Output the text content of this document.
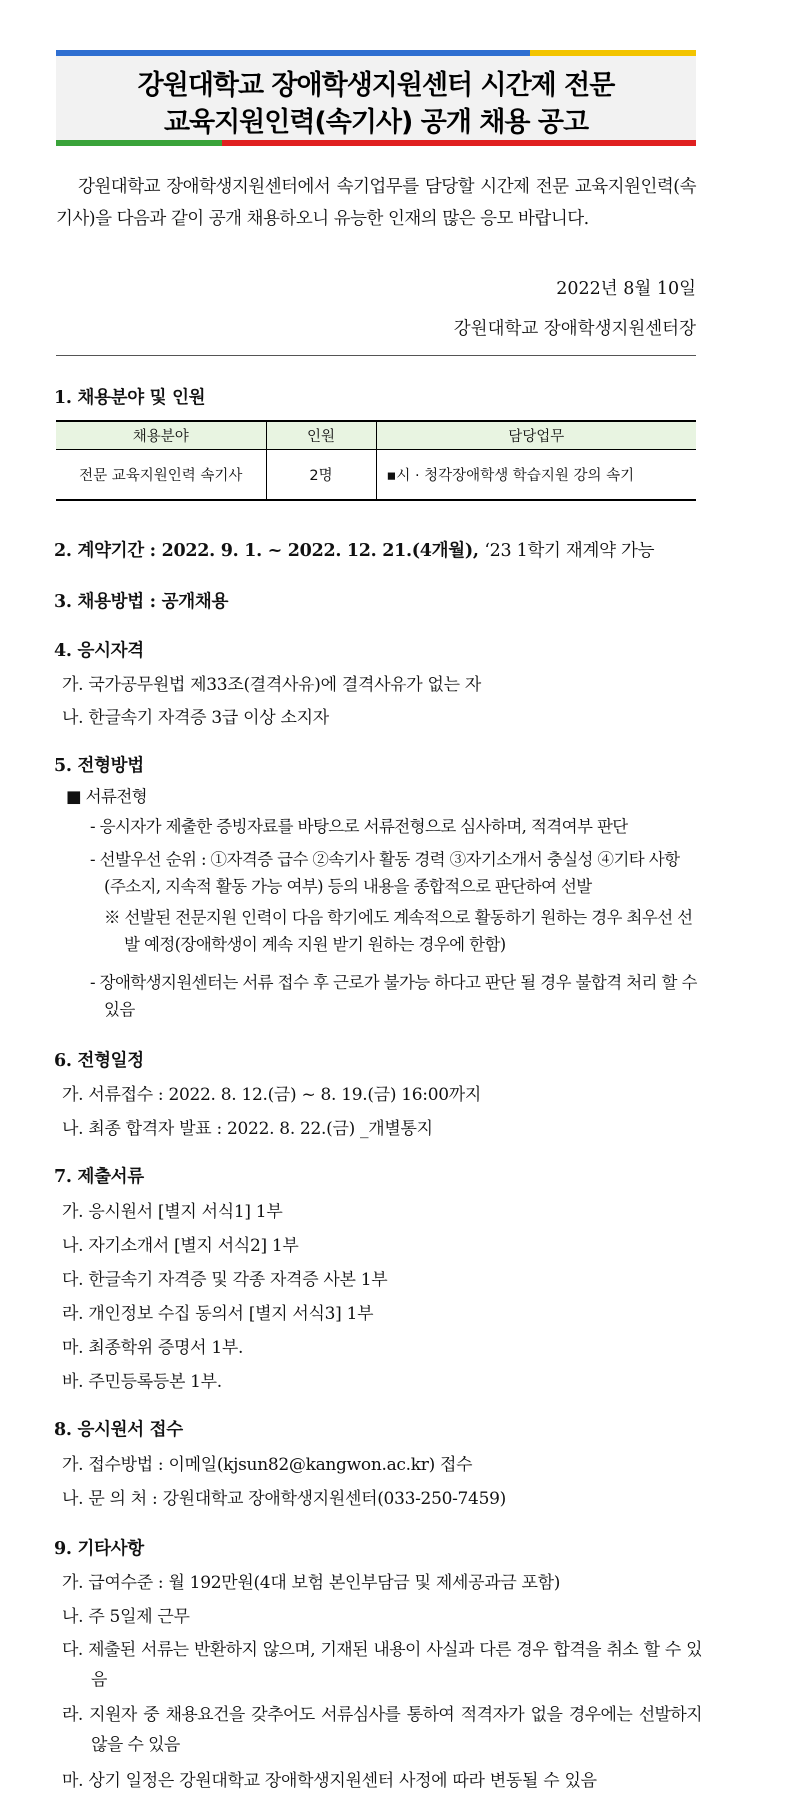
강원대학교 장애학생지원센터 시간제 전문
교육지원인력(속기사) 공개 채용 공고
강원대학교 장애학생지원센터에서 속기업무를 담당할 시간제 전문 교육지원인력(속기사)을 다음과 같이 공개 채용하오니 유능한 인재의 많은 응모 바랍니다.
2022년 8월 10일
강원대학교 장애학생지원센터장
1. 채용분야 및 인원
채용분야	인원	담당업무
전문 교육지원인력 속기사	2명	▪시 · 청각장애학생 학습지원 강의 속기
2. 계약기간 : 2022. 9. 1. ~ 2022. 12. 21.(4개월), ‘23 1학기 재계약 가능
3. 채용방법 : 공개채용
4. 응시자격
가. 국가공무원법 제33조(결격사유)에 결격사유가 없는 자
나. 한글속기 자격증 3급 이상 소지자
5. 전형방법
■ 서류전형
- 응시자가 제출한 증빙자료를 바탕으로 서류전형으로 심사하며, 적격여부 판단
- 선발우선 순위 : ①자격증 급수 ②속기사 활동 경력 ③자기소개서 충실성 ④기타 사항(주소지, 지속적 활동 가능 여부) 등의 내용을 종합적으로 판단하여 선발
※ 선발된 전문지원 인력이 다음 학기에도 계속적으로 활동하기 원하는 경우 최우선 선발 예정(장애학생이 계속 지원 받기 원하는 경우에 한함)
- 장애학생지원센터는 서류 접수 후 근로가 불가능 하다고 판단 될 경우 불합격 처리 할 수 있음
6. 전형일정
가. 서류접수 : 2022. 8. 12.(금) ~ 8. 19.(금) 16:00까지
나. 최종 합격자 발표 : 2022. 8. 22.(금) _개별통지
7. 제출서류
가. 응시원서 [별지 서식1] 1부
나. 자기소개서 [별지 서식2] 1부
다. 한글속기 자격증 및 각종 자격증 사본 1부
라. 개인정보 수집 동의서 [별지 서식3] 1부
마. 최종학위 증명서 1부.
바. 주민등록등본 1부.
8. 응시원서 접수
가. 접수방법 : 이메일(kjsun82@kangwon.ac.kr) 접수
나. 문 의 처 : 강원대학교 장애학생지원센터(033-250-7459)
9. 기타사항
가. 급여수준 : 월 192만원(4대 보험 본인부담금 및 제세공과금 포함)
나. 주 5일제 근무
다. 제출된 서류는 반환하지 않으며, 기재된 내용이 사실과 다른 경우 합격을 취소 할 수 있음
라. 지원자 중 채용요건을 갖추어도 서류심사를 통하여 적격자가 없을 경우에는 선발하지 않을 수 있음
마. 상기 일정은 강원대학교 장애학생지원센터 사정에 따라 변동될 수 있음
